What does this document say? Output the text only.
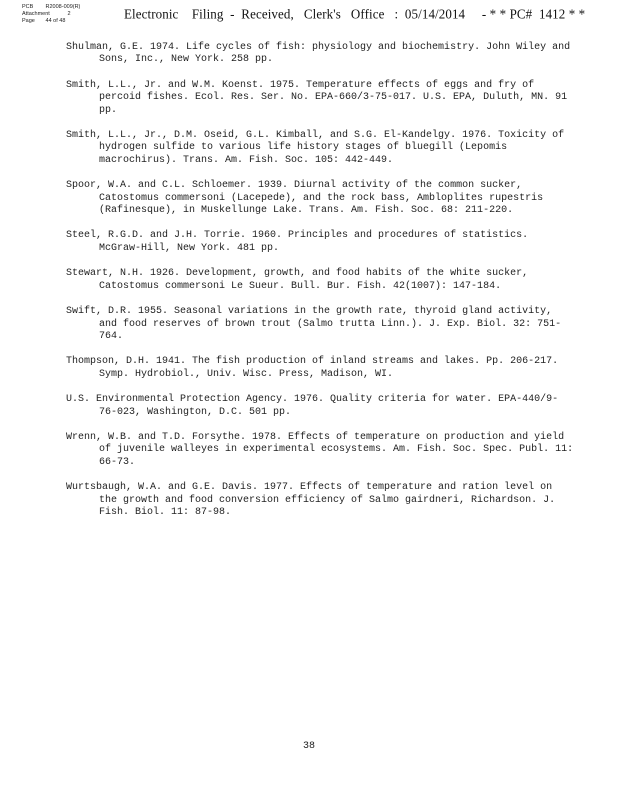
PCB R2008-009(R)
Attachment	2
Page 44 of 48	Electronic    Filing  -  Received,   Clerk's   Office   :  05/14/2014     - * * PC#  1412 * *

Shulman, G.E. 1974. Life cycles of fish: physiology and biochemistry. John Wiley and Sons, Inc., New York. 258 pp.

Smith, L.L., Jr. and W.M. Koenst. 1975. Temperature effects of eggs and fry of percoid fishes. Ecol. Res. Ser. No. EPA-660/3-75-017. U.S. EPA, Duluth, MN. 91 pp.

Smith, L.L., Jr., D.M. Oseid, G.L. Kimball, and S.G. El-Kandelgy. 1976. Toxicity of hydrogen sulfide to various life history stages of bluegill (Lepomis macrochirus). Trans. Am. Fish. Soc. 105: 442-449.

Spoor, W.A. and C.L. Schloemer. 1939. Diurnal activity of the common sucker, Catostomus commersoni (Lacepede), and the rock bass, Ambloplites rupestris (Rafinesque), in Muskellunge Lake. Trans. Am. Fish. Soc. 68: 211-220.

Steel, R.G.D. and J.H. Torrie. 1960. Principles and procedures of statistics. McGraw-Hill, New York. 481 pp.

Stewart, N.H. 1926. Development, growth, and food habits of the white sucker, Catostomus commersoni Le Sueur. Bull. Bur. Fish. 42(1007): 147-184.

Swift, D.R. 1955. Seasonal variations in the growth rate, thyroid gland activity, and food reserves of brown trout (Salmo trutta Linn.). J. Exp. Biol. 32: 751-764.

Thompson, D.H. 1941. The fish production of inland streams and lakes. Pp. 206-217. Symp. Hydrobiol., Univ. Wisc. Press, Madison, WI.

U.S. Environmental Protection Agency. 1976. Quality criteria for water. EPA-440/9-76-023, Washington, D.C. 501 pp.

Wrenn, W.B. and T.D. Forsythe. 1978. Effects of temperature on production and yield of juvenile walleyes in experimental ecosystems. Am. Fish. Soc. Spec. Publ. 11: 66-73.

Wurtsbaugh, W.A. and G.E. Davis. 1977. Effects of temperature and ration level on the growth and food conversion efficiency of Salmo gairdneri, Richardson. J. Fish. Biol. 11: 87-98.

38
